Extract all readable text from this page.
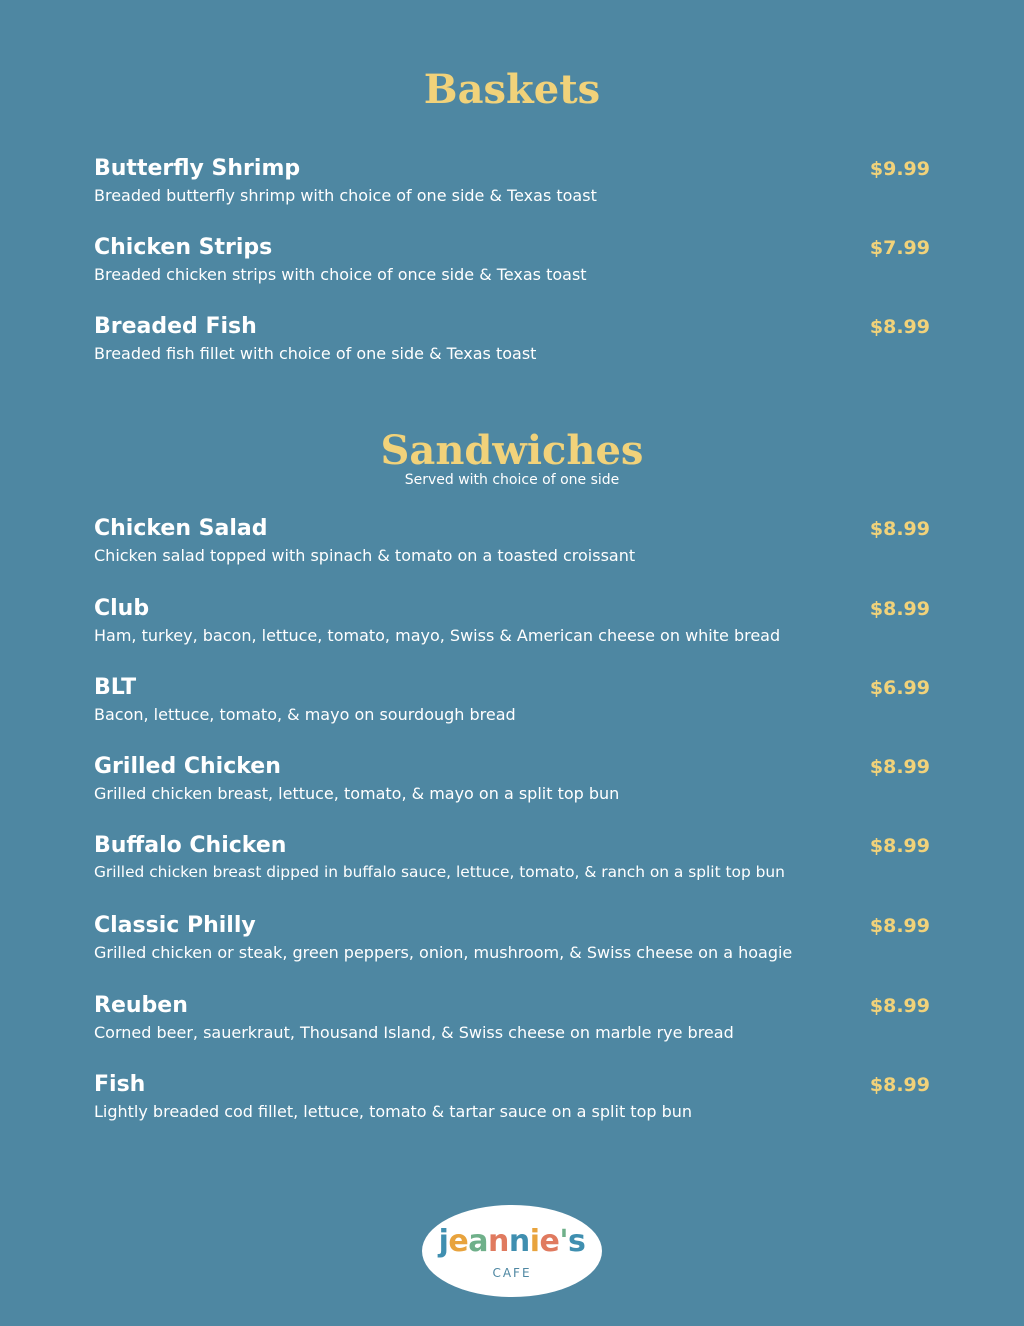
Baskets
Butterfly Shrimp
Breaded butterfly shrimp with choice of one side & Texas toast
$9.99
Chicken Strips
Breaded chicken strips with choice of once side & Texas toast
$7.99
Breaded Fish
Breaded fish fillet with choice of one side & Texas toast
$8.99
Sandwiches
Served with choice of one side
Chicken Salad
Chicken salad topped with spinach & tomato on a toasted croissant
$8.99
Club
Ham, turkey, bacon, lettuce, tomato, mayo, Swiss & American cheese on white bread
$8.99
BLT
Bacon, lettuce, tomato, & mayo on sourdough bread
$6.99
Grilled Chicken
Grilled chicken breast, lettuce, tomato, & mayo on a split top bun
$8.99
Buffalo Chicken
Grilled chicken breast dipped in buffalo sauce, lettuce, tomato, & ranch on a split top bun
$8.99
Classic Philly
Grilled chicken or steak, green peppers, onion, mushroom, & Swiss cheese on a hoagie
$8.99
Reuben
Corned beer, sauerkraut, Thousand Island, & Swiss cheese on marble rye bread
$8.99
Fish
Lightly breaded cod fillet, lettuce, tomato & tartar sauce on a split top bun
$8.99
jeannie's
CAFE
